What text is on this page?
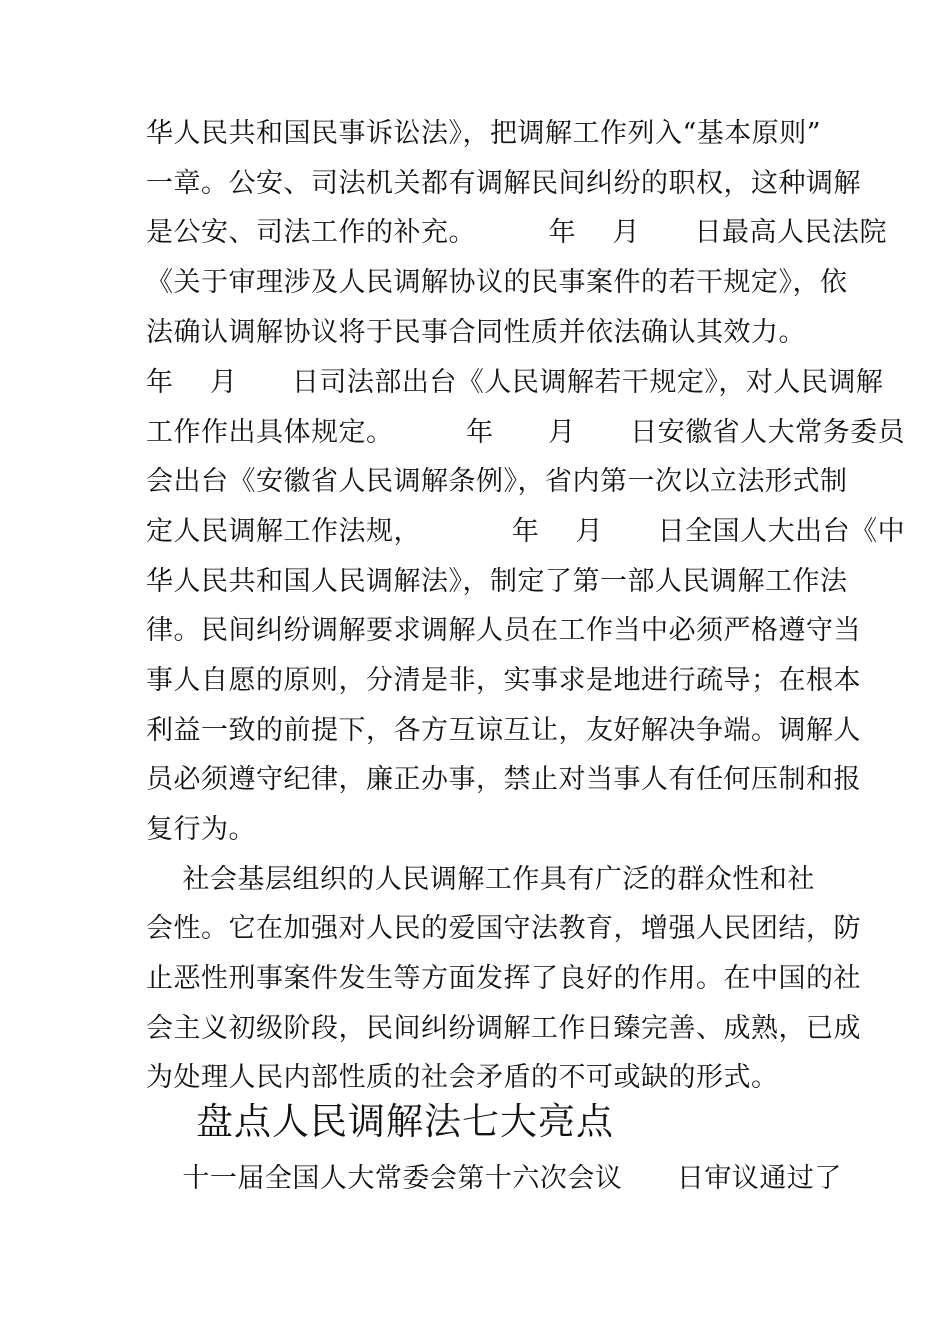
华人民共和国民事诉讼法》，把调解工作列入“基本原则”
一章。公安、司法机关都有调解民间纠纷的职权，这种调解
是公安、司法工作的补充。        年    月      日最高人民法院
《关于审理涉及人民调解协议的民事案件的若干规定》，依
法确认调解协议将于民事合同性质并依法确认其效力。
年    月      日司法部出台《人民调解若干规定》，对人民调解
工作作出具体规定。        年      月      日安徽省人大常务委员
会出台《安徽省人民调解条例》，省内第一次以立法形式制
定人民调解工作法规，          年    月      日全国人大出台《中
华人民共和国人民调解法》，制定了第一部人民调解工作法
律。民间纠纷调解要求调解人员在工作当中必须严格遵守当
事人自愿的原则，分清是非，实事求是地进行疏导；在根本
利益一致的前提下，各方互谅互让，友好解决争端。调解人
员必须遵守纪律，廉正办事，禁止对当事人有任何压制和报
复行为。
社会基层组织的人民调解工作具有广泛的群众性和社
会性。它在加强对人民的爱国守法教育，增强人民团结，防
止恶性刑事案件发生等方面发挥了良好的作用。在中国的社
会主义初级阶段，民间纠纷调解工作日臻完善、成熟，已成
为处理人民内部性质的社会矛盾的不可或缺的形式。
盘点人民调解法七大亮点
十一届全国人大常委会第十六次会议      日审议通过了
